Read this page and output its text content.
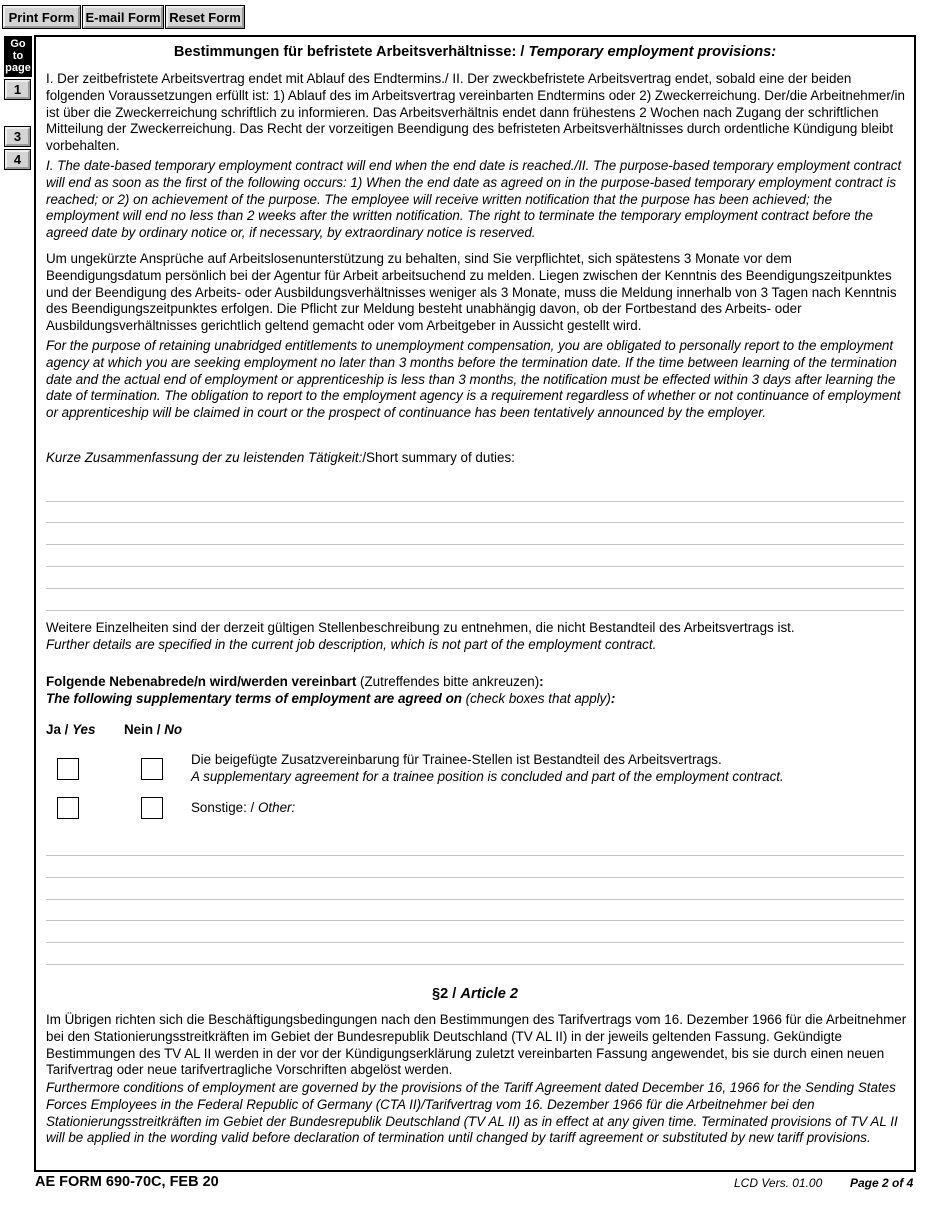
Print Form E-mail Form Reset Form
Go to page
1
3
4
Bestimmungen für befristete Arbeitsverhältnisse: / Temporary employment provisions:

I. Der zeitbefristete Arbeitsvertrag endet mit Ablauf des Endtermins./ II. Der zweckbefristete Arbeitsvertrag endet, sobald eine der beiden folgenden Voraussetzungen erfüllt ist: 1) Ablauf des im Arbeitsvertrag vereinbarten Endtermins oder 2) Zweckerreichung. Der/die Arbeitnehmer/in ist über die Zweckerreichung schriftlich zu informieren. Das Arbeitsverhältnis endet dann frühestens 2 Wochen nach Zugang der schriftlichen Mitteilung der Zweckerreichung. Das Recht der vorzeitigen Beendigung des befristeten Arbeitsverhältnisses durch ordentliche Kündigung bleibt vorbehalten.

I. The date-based temporary employment contract will end when the end date is reached./II. The purpose-based temporary employment contract will end as soon as the first of the following occurs: 1) When the end date as agreed on in the purpose-based temporary employment contract is reached; or 2) on achievement of the purpose. The employee will receive written notification that the purpose has been achieved; the employment will end no less than 2 weeks after the written notification. The right to terminate the temporary employment contract before the agreed date by ordinary notice or, if necessary, by extraordinary notice is reserved.

Um ungekürzte Ansprüche auf Arbeitslosenunterstützung zu behalten, sind Sie verpflichtet, sich spätestens 3 Monate vor dem Beendigungsdatum persönlich bei der Agentur für Arbeit arbeitsuchend zu melden. Liegen zwischen der Kenntnis des Beendigungszeitpunktes und der Beendigung des Arbeits- oder Ausbildungsverhältnisses weniger als 3 Monate, muss die Meldung innerhalb von 3 Tagen nach Kenntnis des Beendigungszeitpunktes erfolgen. Die Pflicht zur Meldung besteht unabhängig davon, ob der Fortbestand des Arbeits- oder Ausbildungsverhältnisses gerichtlich geltend gemacht oder vom Arbeitgeber in Aussicht gestellt wird.

For the purpose of retaining unabridged entitlements to unemployment compensation, you are obligated to personally report to the employment agency at which you are seeking employment no later than 3 months before the termination date. If the time between learning of the termination date and the actual end of employment or apprenticeship is less than 3 months, the notification must be effected within 3 days after learning the date of termination. The obligation to report to the employment agency is a requirement regardless of whether or not continuance of employment or apprenticeship will be claimed in court or the prospect of continuance has been tentatively announced by the employer.

Kurze Zusammenfassung der zu leistenden Tätigkeit:/Short summary of duties:

Weitere Einzelheiten sind der derzeit gültigen Stellenbeschreibung zu entnehmen, die nicht Bestandteil des Arbeitsvertrags ist.

Further details are specified in the current job description, which is not part of the employment contract.

Folgende Nebenabrede/n wird/werden vereinbart (Zutreffendes bitte ankreuzen):

The following supplementary terms of employment are agreed on (check boxes that apply):

Ja / Yes	Nein / No

Die beigefügte Zusatzvereinbarung für Trainee-Stellen ist Bestandteil des Arbeitsvertrags.

A supplementary agreement for a trainee position is concluded and part of the employment contract.

Sonstige: / Other:

§2 / Article 2

Im Übrigen richten sich die Beschäftigungsbedingungen nach den Bestimmungen des Tarifvertrags vom 16. Dezember 1966 für die Arbeitnehmer bei den Stationierungsstreitkräften im Gebiet der Bundesrepublik Deutschland (TV AL II) in der jeweils geltenden Fassung. Gekündigte Bestimmungen des TV AL II werden in der vor der Kündigungserklärung zuletzt vereinbarten Fassung angewendet, bis sie durch einen neuen Tarifvertrag oder neue tarifvertragliche Vorschriften abgelöst werden.

Furthermore conditions of employment are governed by the provisions of the Tariff Agreement dated December 16, 1966 for the Sending States Forces Employees in the Federal Republic of Germany (CTA II)/Tarifvertrag vom 16. Dezember 1966 für die Arbeitnehmer bei den Stationierungsstreitkräften im Gebiet der Bundesrepublik Deutschland (TV AL II) as in effect at any given time. Terminated provisions of TV AL II will be applied in the wording valid before declaration of termination until changed by tariff agreement or substituted by new tariff provisions.

AE FORM 690-70C, FEB 20	LCD Vers. 01.00 Page 2 of 4
